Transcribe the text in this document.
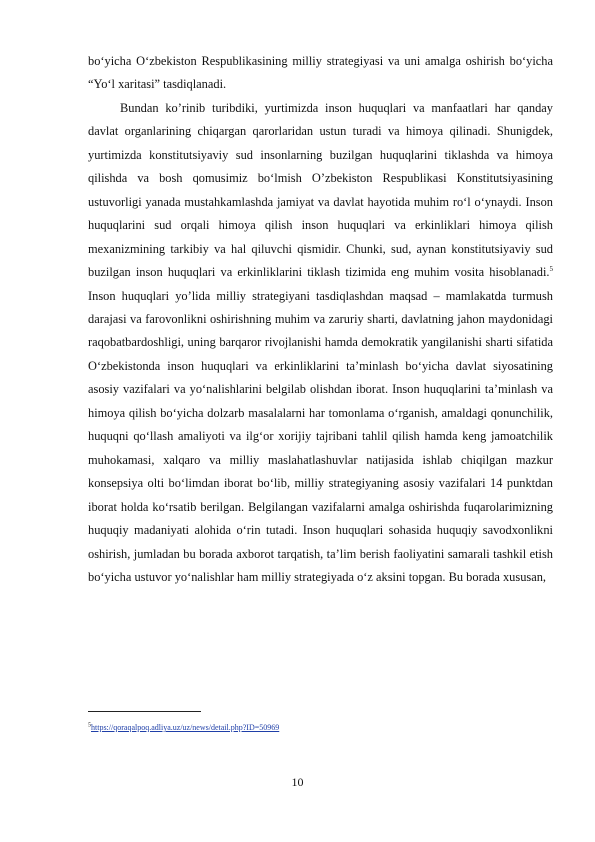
bo‘yicha O‘zbekiston Respublikasining milliy strategiyasi va uni amalga oshirish bo‘yicha “Yo‘l xaritasi” tasdiqlanadi.

Bundan ko’rinib turibdiki, yurtimizda inson huquqlari va manfaatlari har qanday davlat organlarining chiqargan qarorlaridan ustun turadi va himoya qilinadi. Shunigdek, yurtimizda konstitutsiyaviy sud insonlarning buzilgan huquqlarini tiklashda va himoya qilishda va bosh qomusimiz bo‘lmish O’zbekiston Respublikasi Konstitutsiyasining ustuvorligi yanada mustahkamlashda jamiyat va davlat hayotida muhim ro‘l o‘ynaydi. Inson huquqlarini sud orqali himoya qilish inson huquqlari va erkinliklari himoya qilish mexanizmining tarkibiy va hal qiluvchi qismidir. Chunki, sud, aynan konstitutsiyaviy sud buzilgan inson huquqlari va erkinliklarini tiklash tizimida eng muhim vosita hisoblanadi.$^5$ Inson huquqlari yo’lida milliy strategiyani tasdiqlashdan maqsad – mamlakatda turmush darajasi va farovonlikni oshirishning muhim va zaruriy sharti, davlatning jahon maydonidagi raqobatbardoshligi, uning barqaror rivojlanishi hamda demokratik yangilanishi sharti sifatida O‘zbekistonda inson huquqlari va erkinliklarini ta’minlash bo‘yicha davlat siyosatining asosiy vazifalari va yo‘nalishlarini belgilab olishdan iborat. Inson huquqlarini ta’minlash va himoya qilish bo‘yicha dolzarb masalalarni har tomonlama o‘rganish, amaldagi qonunchilik, huquqni qo‘llash amaliyoti va ilg‘or xorijiy tajribani tahlil qilish hamda keng jamoatchilik muhokamasi, xalqaro va milliy maslahatlashuvlar natijasida ishlab chiqilgan mazkur konsepsiya olti bo‘limdan iborat bo‘lib, milliy strategiyaning asosiy vazifalari 14 punktdan iborat holda ko‘rsatib berilgan. Belgilangan vazifalarni amalga oshirishda fuqarolarimizning huquqiy madaniyati alohida o‘rin tutadi. Inson huquqlari sohasida huquqiy savodxonlikni oshirish, jumladan bu borada axborot tarqatish, ta’lim berish faoliyatini samarali tashkil etish bo‘yicha ustuvor yo‘nalishlar ham milliy strategiyada o‘z aksini topgan. Bu borada xususan,

$^5$https://qoraqalpoq.adliya.uz/uz/news/detail.php?ID=50969
10
